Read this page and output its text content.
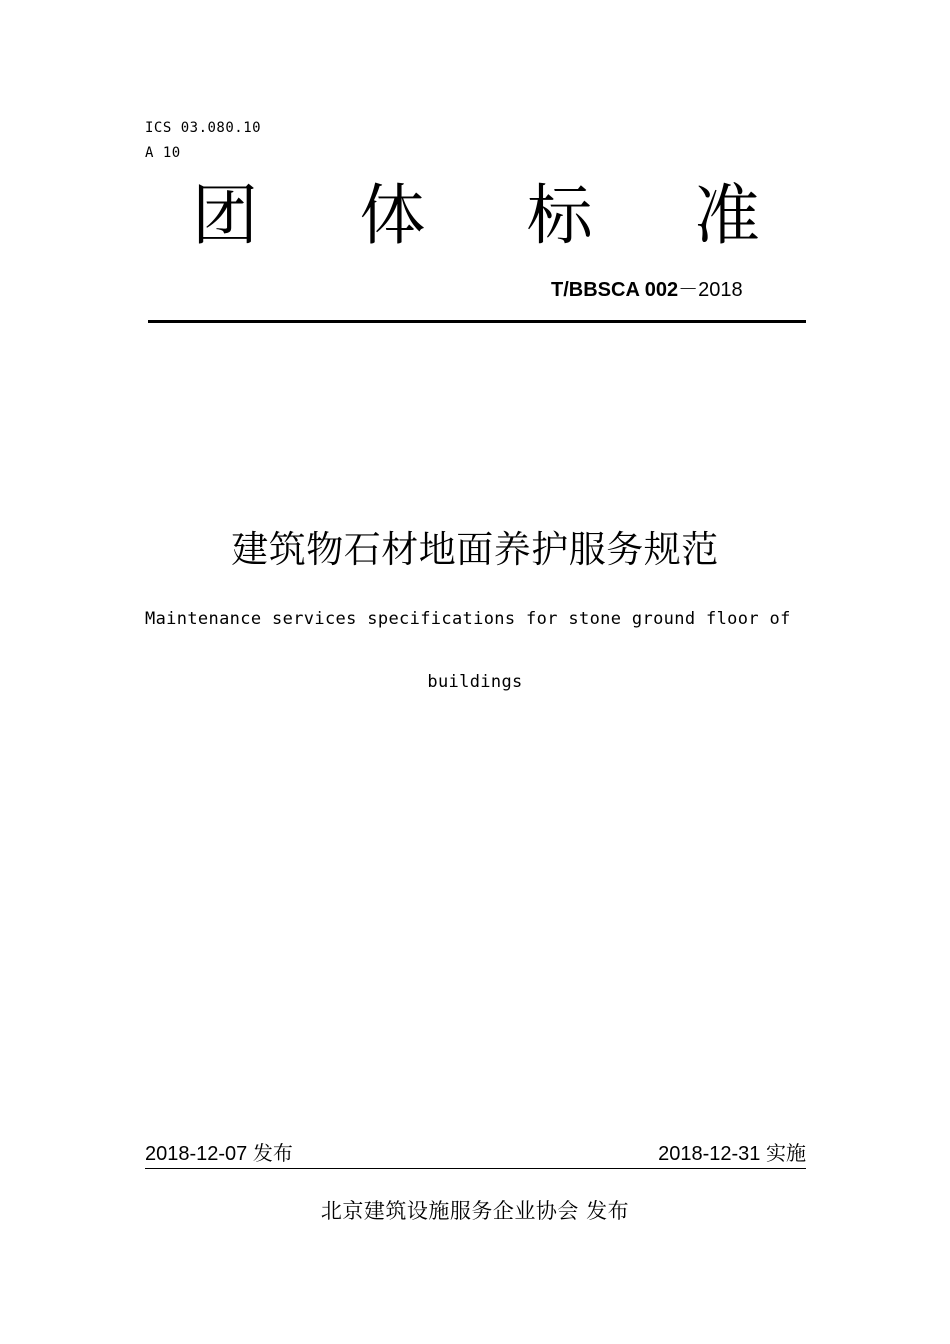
ICS 03.080.10
A 10
团 体 标 准
T/BBSCA 002－2018
建筑物石材地面养护服务规范
Maintenance services specifications for stone ground floor of
buildings
2018-12-07 发布	2018-12-31 实施
北京建筑设施服务企业协会 发布
